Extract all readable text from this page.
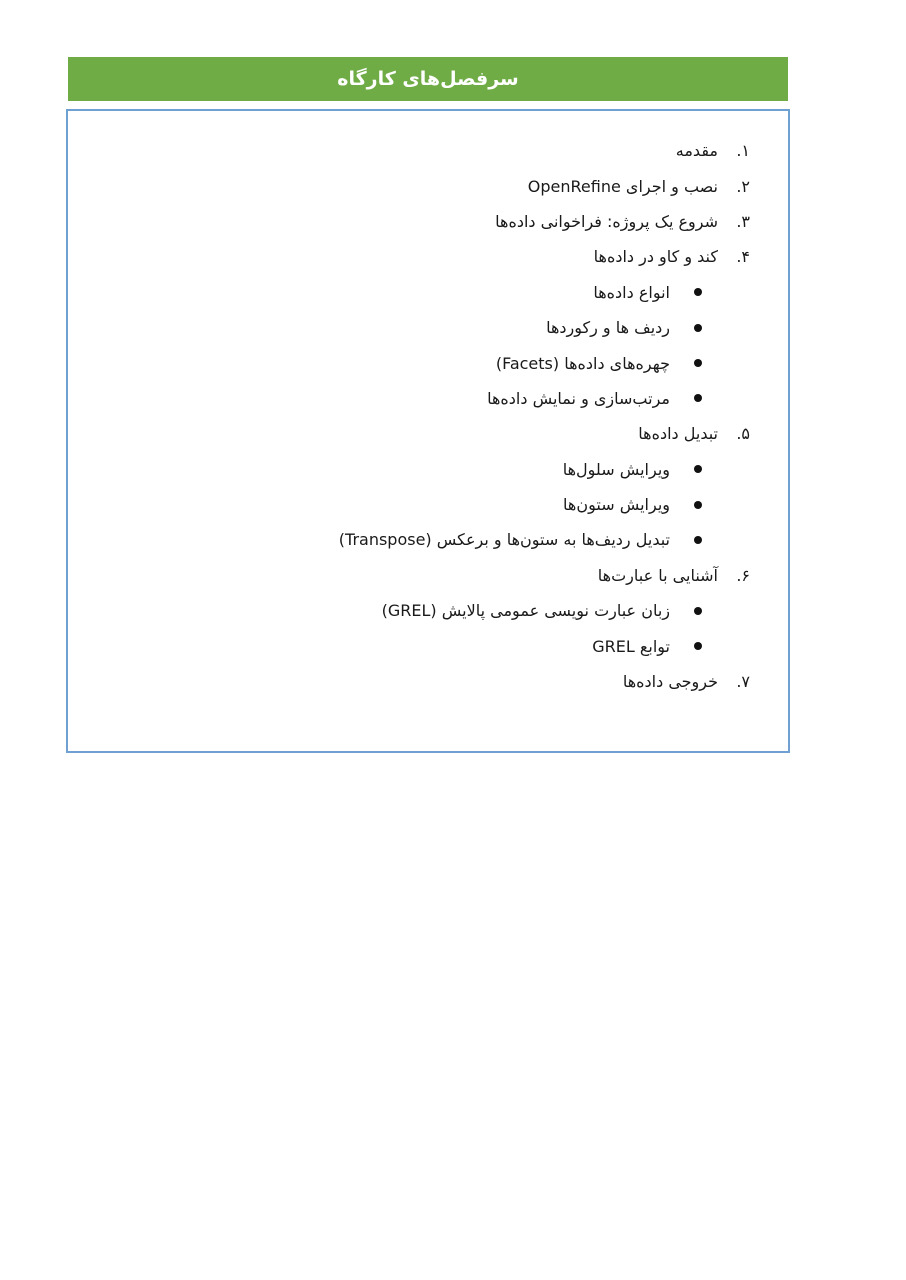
سرفصل‌های کارگاه
۱.
مقدمه
۲.
نصب و اجرای OpenRefine
۳.
شروع یک پروژه: فراخوانی داده‌ها
۴.
کند و کاو در داده‌ها
انواع داده‌ها
ردیف ها و رکوردها
چهره‌های داده‌ها (Facets)
مرتب‌سازی و نمایش داده‌ها
۵.
تبدیل داده‌ها
ویرایش سلول‌ها
ویرایش ستون‌ها
تبدیل ردیف‌ها به ستون‌ها و برعکس (Transpose)
۶.
آشنایی با عبارت‌ها
زبان عبارت نویسی عمومی پالایش (GREL)
توابع GREL
۷.
خروجی داده‌ها
